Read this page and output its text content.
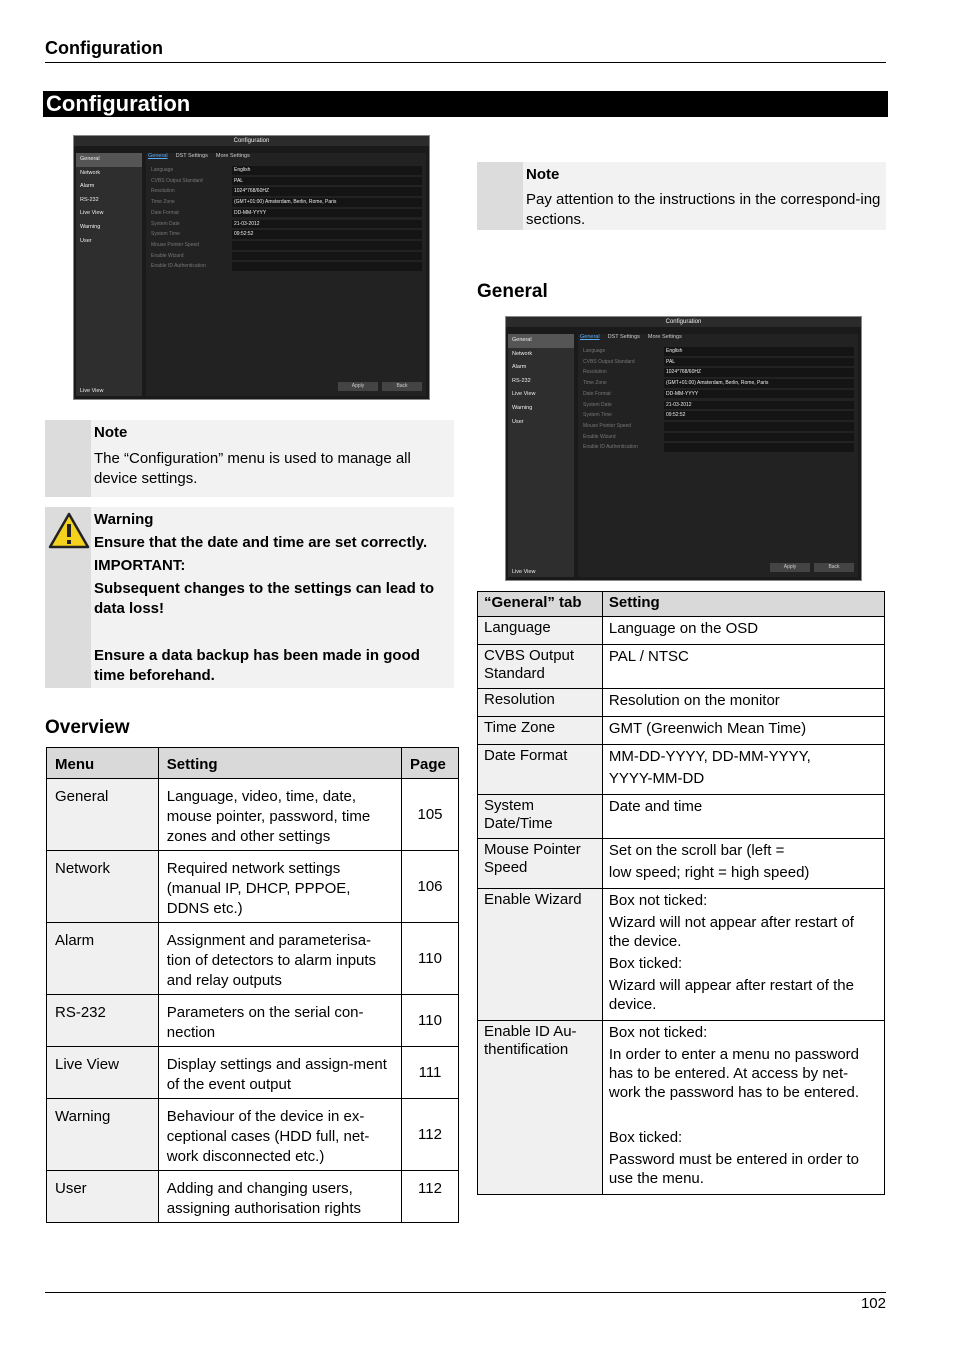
Configuration
Configuration
Configuration
General
Network
Alarm
RS-232
Live View
Warning
User
Live View
General DST Settings More Settings
Language	English
CVBS Output Standard	PAL
Resolution	1024*768/60HZ
Time Zone	(GMT+01:00) Amsterdam, Berlin, Rome, Paris
Date Format	DD-MM-YYYY
System Date	21-03-2012
System Time	09:52:52
Mouse Pointer Speed
Enable Wizard
Enable ID Authentication
Apply	Back
Note
The “Configuration” menu is used to manage all device settings.
Warning
Ensure that the date and time are set correctly.
IMPORTANT:
Subsequent changes to the settings can lead to data loss!
Ensure a data backup has been made in good time beforehand.
Overview
Menu	Setting	Page
General	Language, video, time, date, mouse pointer, password, time zones and other settings	105
Network	Required network settings (manual IP, DHCP, PPPOE, DDNS etc.)	106
Alarm	Assignment and parameterisa-tion of detectors to alarm inputs and relay outputs	110
RS-232	Parameters on the serial con-nection	110
Live View	Display settings and assign-ment of the event output	111
Warning	Behaviour of the device in ex-ceptional cases (HDD full, net-work disconnected etc.)	112
User	Adding and changing users, assigning authorisation rights	112
Note
Pay attention to the instructions in the correspond-ing sections.
General
Configuration
General
Network
Alarm
RS-232
Live View
Warning
User
Live View
General DST Settings More Settings
Language	English
CVBS Output Standard	PAL
Resolution	1024*768/60HZ
Time Zone	(GMT+01:00) Amsterdam, Berlin, Rome, Paris
Date Format	DD-MM-YYYY
System Date	21-03-2012
System Time	09:52:52
Mouse Pointer Speed
Enable Wizard
Enable ID Authentication
Apply	Back
“General” tab	Setting
Language	Language on the OSD

CVBS Output Standard	PAL / NTSC

Resolution	Resolution on the monitor

Time Zone	GMT (Greenwich Mean Time)

Date Format	MM-DD-YYYY, DD-MM-YYYY,
YYYY-MM-DD

System Date/Time	Date and time

Mouse Pointer Speed	Set on the scroll bar (left =
low speed; right = high speed)

Enable Wizard	Box not ticked:
Wizard will not appear after restart of the device.
Box ticked:
Wizard will appear after restart of the device.

Enable ID Au-thentification	Box not ticked:
In order to enter a menu no password has to be entered. At access by net-work the password has to be entered.
Box ticked:
Password must be entered in order to use the menu.
102
